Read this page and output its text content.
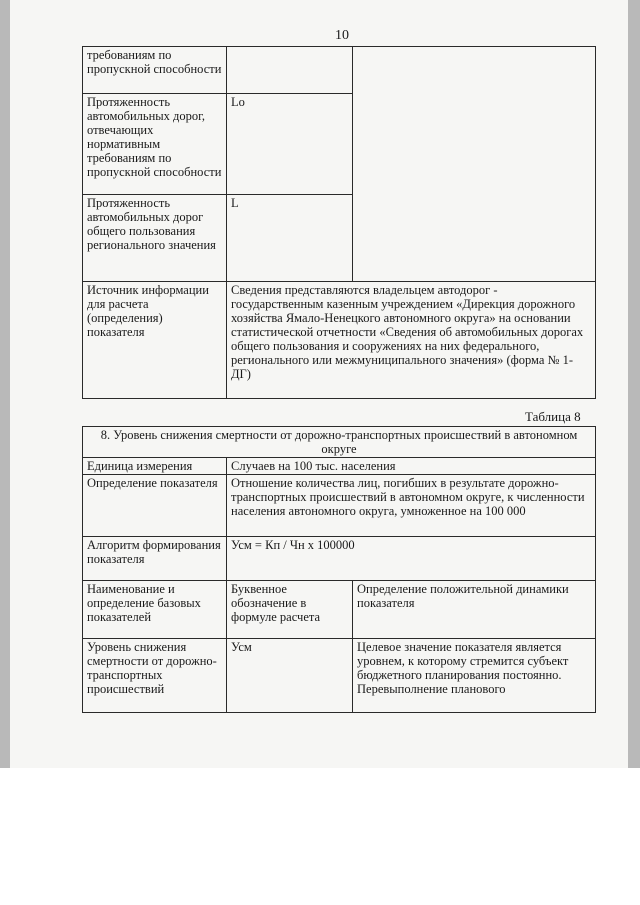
10
требованиям по пропускной способности		
Протяженность автомобильных дорог, отвечающих нормативным требованиям по пропускной способности	Lo	
Протяженность автомобильных дорог общего пользования регионального значения	L	
Источник информации для расчета (определения) показателя	Сведения представляются владельцем автодорог - государственным казенным учреждением «Дирекция дорожного хозяйства Ямало-Ненецкого автономного округа» на основании статистической отчетности «Сведения об автомобильных дорогах общего пользования и сооружениях на них федерального, регионального или межмуниципального значения» (форма № 1-ДГ)	
Таблица 8
8. Уровень снижения смертности от дорожно-транспортных происшествий в автономном округе		
Единица измерения	Случаев на 100 тыс. населения	
Определение показателя	Отношение количества лиц, погибших в результате дорожно-транспортных происшествий в автономном округе, к численности населения автономного округа, умноженное на 100 000	
Алгоритм формирования показателя	Усм = Кп / Чн х 100000	
Наименование и определение базовых показателей	Буквенное обозначение в формуле расчета	Определение положительной динамики показателя
Уровень снижения смертности от дорожно-транспортных происшествий	Усм	Целевое значение показателя является уровнем, к которому стремится субъект бюджетного планирования постоянно. Перевыполнение планового
